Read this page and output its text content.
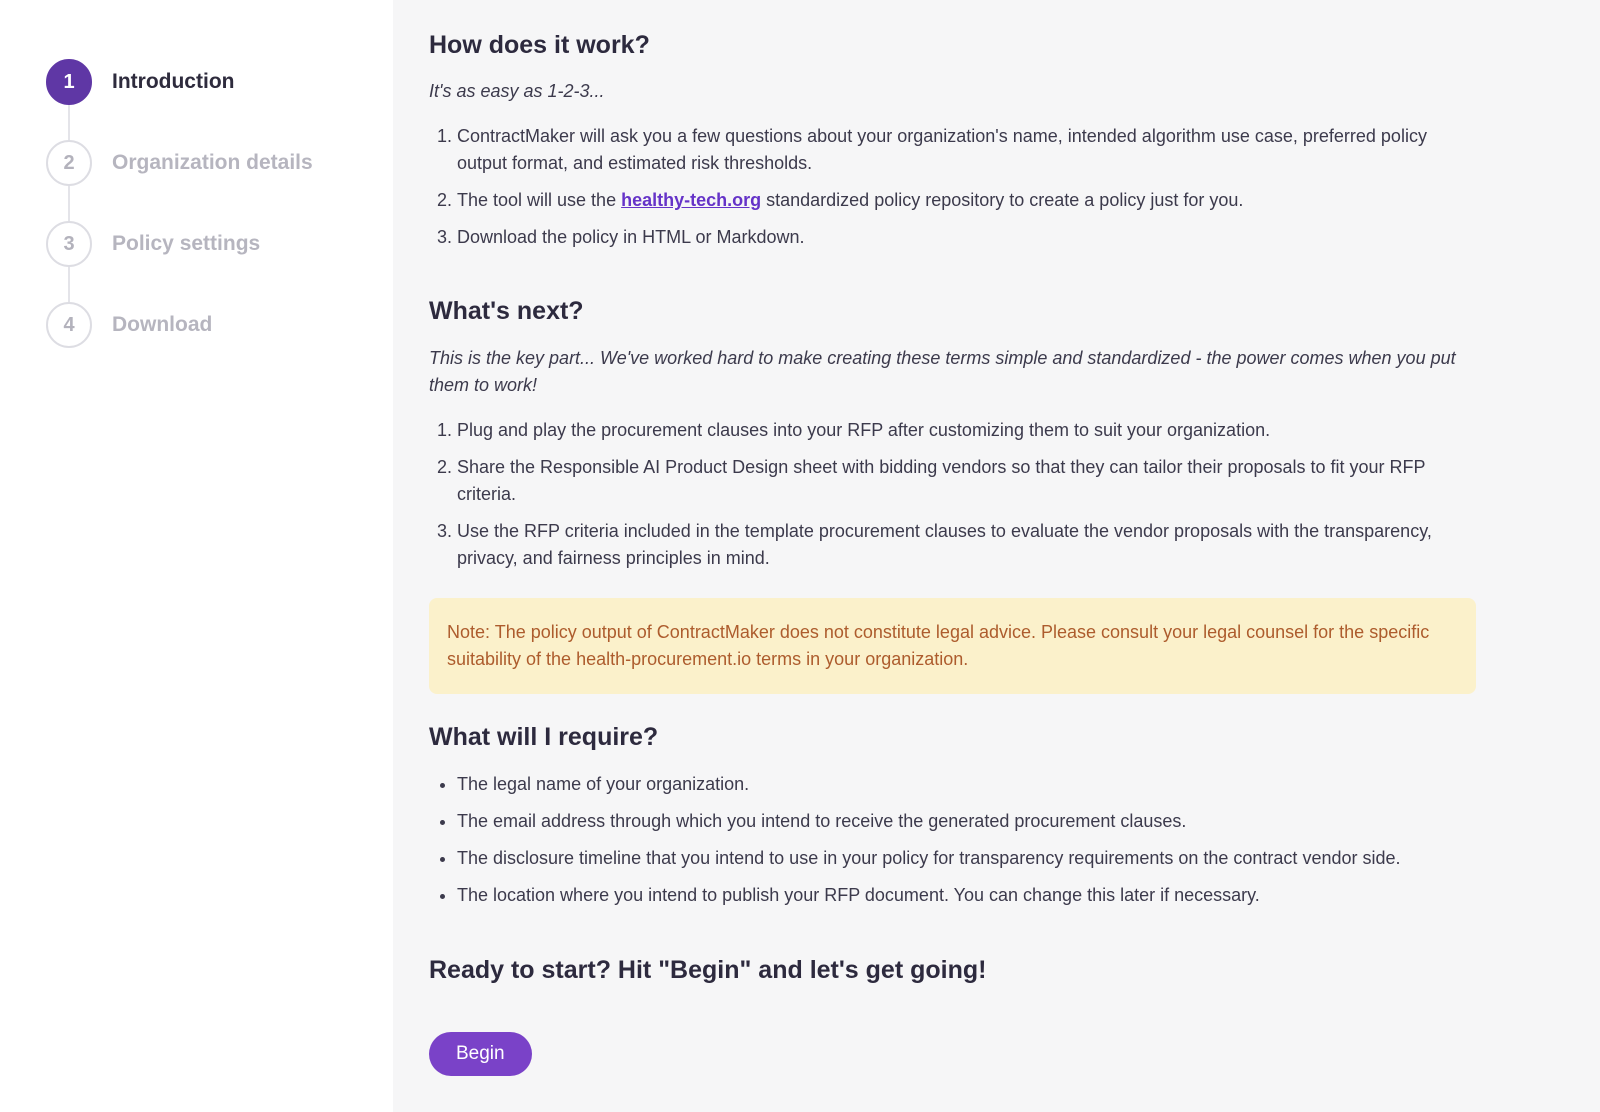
1	Introduction
2	Organization details
3	Policy settings
4	Download
How does it work?

It's as easy as 1-2-3...

1. ContractMaker will ask you a few questions about your organization's name, intended algorithm use case, preferred policy output format, and estimated risk thresholds.
2. The tool will use the healthy-tech.org standardized policy repository to create a policy just for you.
3. Download the policy in HTML or Markdown.
What's next?

This is the key part... We've worked hard to make creating these terms simple and standardized - the power comes when you put them to work!

1. Plug and play the procurement clauses into your RFP after customizing them to suit your organization.
2. Share the Responsible AI Product Design sheet with bidding vendors so that they can tailor their proposals to fit your RFP criteria.
3. Use the RFP criteria included in the template procurement clauses to evaluate the vendor proposals with the transparency, privacy, and fairness principles in mind.
Note: The policy output of ContractMaker does not constitute legal advice. Please consult your legal counsel for the specific suitability of the health-procurement.io terms in your organization.
What will I require?
• The legal name of your organization.
• The email address through which you intend to receive the generated procurement clauses.
• The disclosure timeline that you intend to use in your policy for transparency requirements on the contract vendor side.
• The location where you intend to publish your RFP document. You can change this later if necessary.
Ready to start? Hit "Begin" and let's get going!
Begin
